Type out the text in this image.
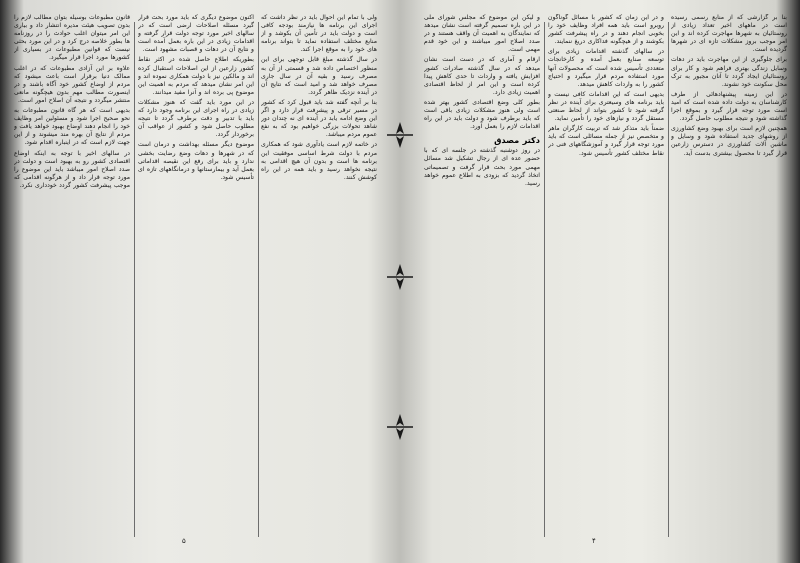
قانون مطبوعات بوسیله بتوان مطالب لازم را بدون تصویب هیئت مدیره انتشار داد و بیاری این امر میتوان اغلب حوادث را در روزنامه ها بطور خلاصه درج کرد و در این مورد بحثی نیست که قوانین مطبوعات در بسیاری از کشورها مورد اجرا قرار میگیرد.

علاوه بر این آزادی مطبوعات که در اغلب ممالک دنیا برقرار است باعث میشود که مردم از اوضاع کشور خود آگاه باشند و در اینصورت مطالب مهم بدون هیچگونه مانعی منتشر میگردد و نتیجه آن اصلاح امور است.

بدیهی است که هر گاه قانون مطبوعات به نحو صحیح اجرا شود و مسئولین امر وظایف خود را انجام دهند اوضاع بهبود خواهد یافت و مردم از نتایج آن بهره مند میشوند و از این جهت لازم است که در اینباره اقدام شود.

در سالهای اخیر با توجه به اینکه اوضاع اقتصادی کشور رو به بهبود است و دولت در صدد اصلاح امور میباشد باید این موضوع را مورد توجه قرار داد و از هرگونه اقدامی که موجب پیشرفت کشور گردد خودداری نکرد.

اکنون موضوع دیگری که باید مورد بحث قرار گیرد مسئله اصلاحات ارضی است که در سالهای اخیر مورد توجه دولت قرار گرفته و اقدامات زیادی در این باره بعمل آمده است و نتایج آن در دهات و قصبات مشهود است.

بطوریکه اطلاع حاصل شده در اکثر نقاط کشور زارعین از این اصلاحات استقبال کرده اند و مالکین نیز با دولت همکاری نموده اند و این امر نشان میدهد که مردم به اهمیت این موضوع پی برده اند و آنرا مفید میدانند.

در این مورد باید گفت که هنوز مشکلات زیادی در راه اجرای این برنامه وجود دارد که باید با تدبیر و دقت برطرف گردد تا نتیجه مطلوب حاصل شود و کشور از عواقب آن برخوردار گردد.

موضوع دیگر مسئله بهداشت و درمان است که در شهرها و دهات وضع رضایت بخشی ندارد و باید برای رفع این نقیصه اقداماتی بعمل آید و بیمارستانها و درمانگاههای تازه ای تأسیس شود.

ولی با تمام این احوال باید در نظر داشت که اجرای این برنامه ها نیازمند بودجه کافی است و دولت باید در تأمین آن بکوشد و از منابع مختلف استفاده نماید تا بتواند برنامه های خود را به موقع اجرا کند.

در سال گذشته مبلغ قابل توجهی برای این منظور اختصاص داده شد و قسمتی از آن به مصرف رسید و بقیه آن در سال جاری مصرف خواهد شد و امید است که نتایج آن در آینده نزدیک ظاهر گردد.

بنا بر آنچه گفته شد باید قبول کرد که کشور در مسیر ترقی و پیشرفت قرار دارد و اگر این وضع ادامه یابد در آینده ای نه چندان دور شاهد تحولات بزرگی خواهیم بود که به نفع عموم مردم میباشد.

در خاتمه لازم است یادآوری شود که همکاری مردم با دولت شرط اساسی موفقیت این برنامه ها است و بدون آن هیچ اقدامی به نتیجه نخواهد رسید و باید همه در این راه کوشش کنند.

۵

و لیکن این موضوع که مجلس شورای ملی در این باره تصمیم گرفته است نشان میدهد که نمایندگان به اهمیت آن واقف هستند و در صدد اصلاح امور میباشند و این خود قدم مهمی است.

ارقام و آماری که در دست است نشان میدهد که در سال گذشته صادرات کشور افزایش یافته و واردات تا حدی کاهش پیدا کرده است و این امر از لحاظ اقتصادی اهمیت زیادی دارد.

بطور کلی وضع اقتصادی کشور بهتر شده است ولی هنوز مشکلات زیادی باقی است که باید برطرف شود و دولت باید در این راه اقدامات لازم را بعمل آورد.

دکتر مصدق

در روز دوشنبه گذشته در جلسه ای که با حضور عده ای از رجال تشکیل شد مسائل مهمی مورد بحث قرار گرفت و تصمیماتی اتخاذ گردید که بزودی به اطلاع عموم خواهد رسید.

و در این زمان که کشور با مسائل گوناگون روبرو است باید همه افراد وظایف خود را بخوبی انجام دهند و در راه پیشرفت کشور بکوشند و از هیچگونه فداکاری دریغ ننمایند.

در سالهای گذشته اقدامات زیادی برای توسعه صنایع بعمل آمده و کارخانجات متعددی تأسیس شده است که محصولات آنها مورد استفاده مردم قرار میگیرد و احتیاج کشور را به واردات کاهش میدهد.

بدیهی است که این اقدامات کافی نیست و باید برنامه های وسیعتری برای آینده در نظر گرفته شود تا کشور بتواند از لحاظ صنعتی مستقل گردد و نیازهای خود را تأمین نماید.

ضمناً باید متذکر شد که تربیت کارگران ماهر و متخصص نیز از جمله مسائلی است که باید مورد توجه قرار گیرد و آموزشگاههای فنی در نقاط مختلف کشور تأسیس شود.

بنا بر گزارشی که از منابع رسمی رسیده است در ماههای اخیر تعداد زیادی از روستائیان به شهرها مهاجرت کرده اند و این امر موجب بروز مشکلات تازه ای در شهرها گردیده است.

برای جلوگیری از این مهاجرت باید در دهات وسایل زندگی بهتری فراهم شود و کار برای روستائیان ایجاد گردد تا آنان مجبور به ترک محل سکونت خود نشوند.

در این زمینه پیشنهادهائی از طرف کارشناسان به دولت داده شده است که امید است مورد توجه قرار گیرد و بموقع اجرا گذاشته شود و نتیجه مطلوب حاصل گردد.

همچنین لازم است برای بهبود وضع کشاورزی از روشهای جدید استفاده شود و وسایل و ماشین آلات کشاورزی در دسترس زارعین قرار گیرد تا محصول بیشتری بدست آید.

۴
